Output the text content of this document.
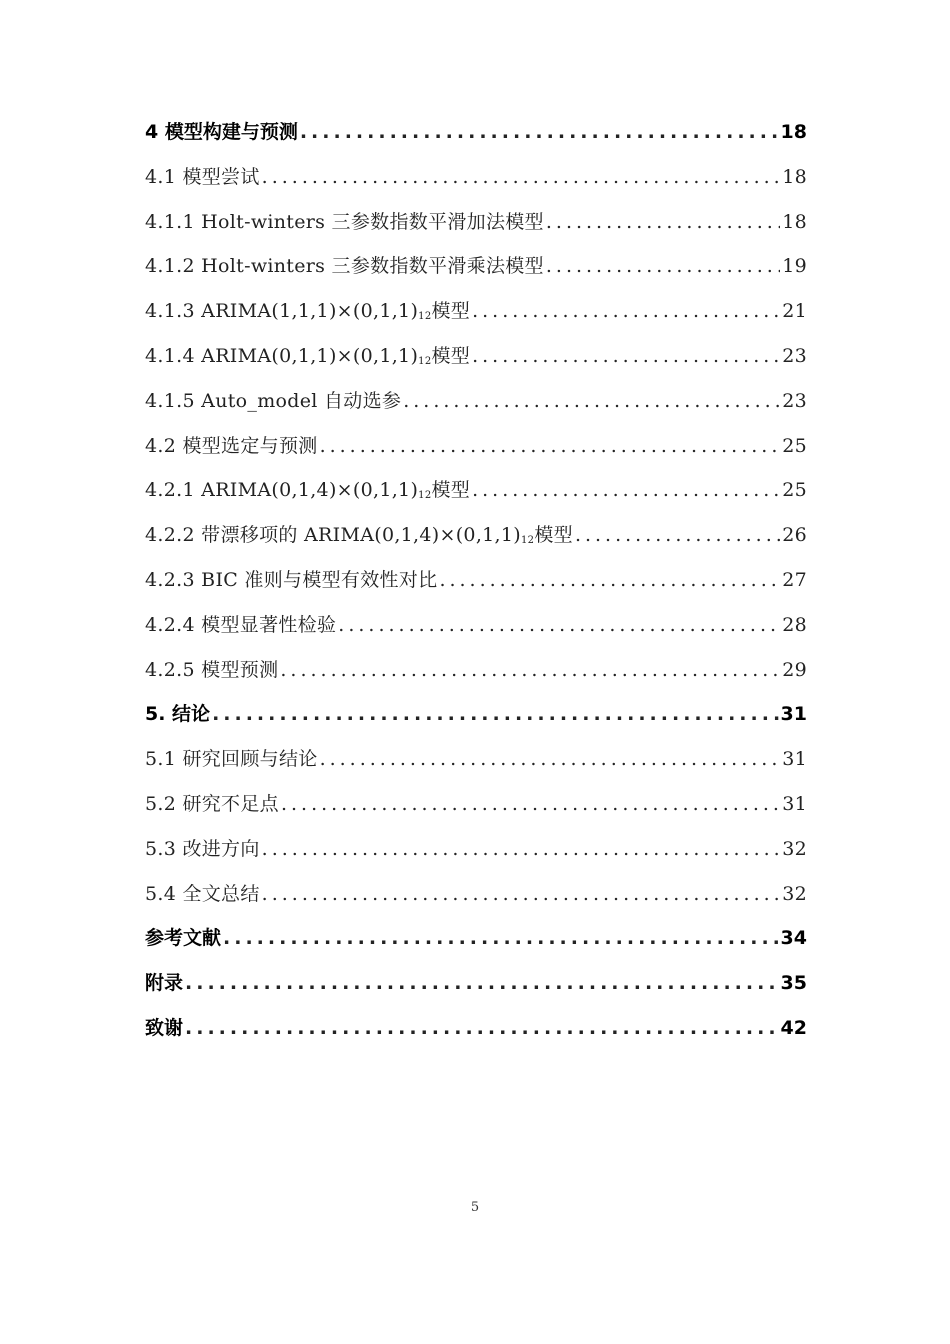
4 模型构建与预测 .....	18
4.1 模型尝试 .....	18
4.1.1 Holt-winters 三参数指数平滑加法模型 .....	18
4.1.2 Holt-winters 三参数指数平滑乘法模型 .....	19
4.1.3 $ARIMA(1,1,1)\times(0,1,1)_{12}$模型 .....	21
4.1.4 $ARIMA(0,1,1)\times(0,1,1)_{12}$模型 .....	23
4.1.5 Auto_model 自动选参 .....	23
4.2 模型选定与预测 .....	25
4.2.1 $ARIMA(0,1,4)\times(0,1,1)_{12}$模型 .....	25
4.2.2 带漂移项的 $ARIMA(0,1,4)\times(0,1,1)_{12}$模型 .....	26
4.2.3 BIC 准则与模型有效性对比 .....	27
4.2.4 模型显著性检验 .....	28
4.2.5 模型预测 .....	29
5. 结论 .....	31
5.1 研究回顾与结论 .....	31
5.2 研究不足点 .....	31
5.3 改进方向 .....	32
5.4 全文总结 .....	32
参考文献 .....	34
附录 .....	35
致谢 .....	42
5
